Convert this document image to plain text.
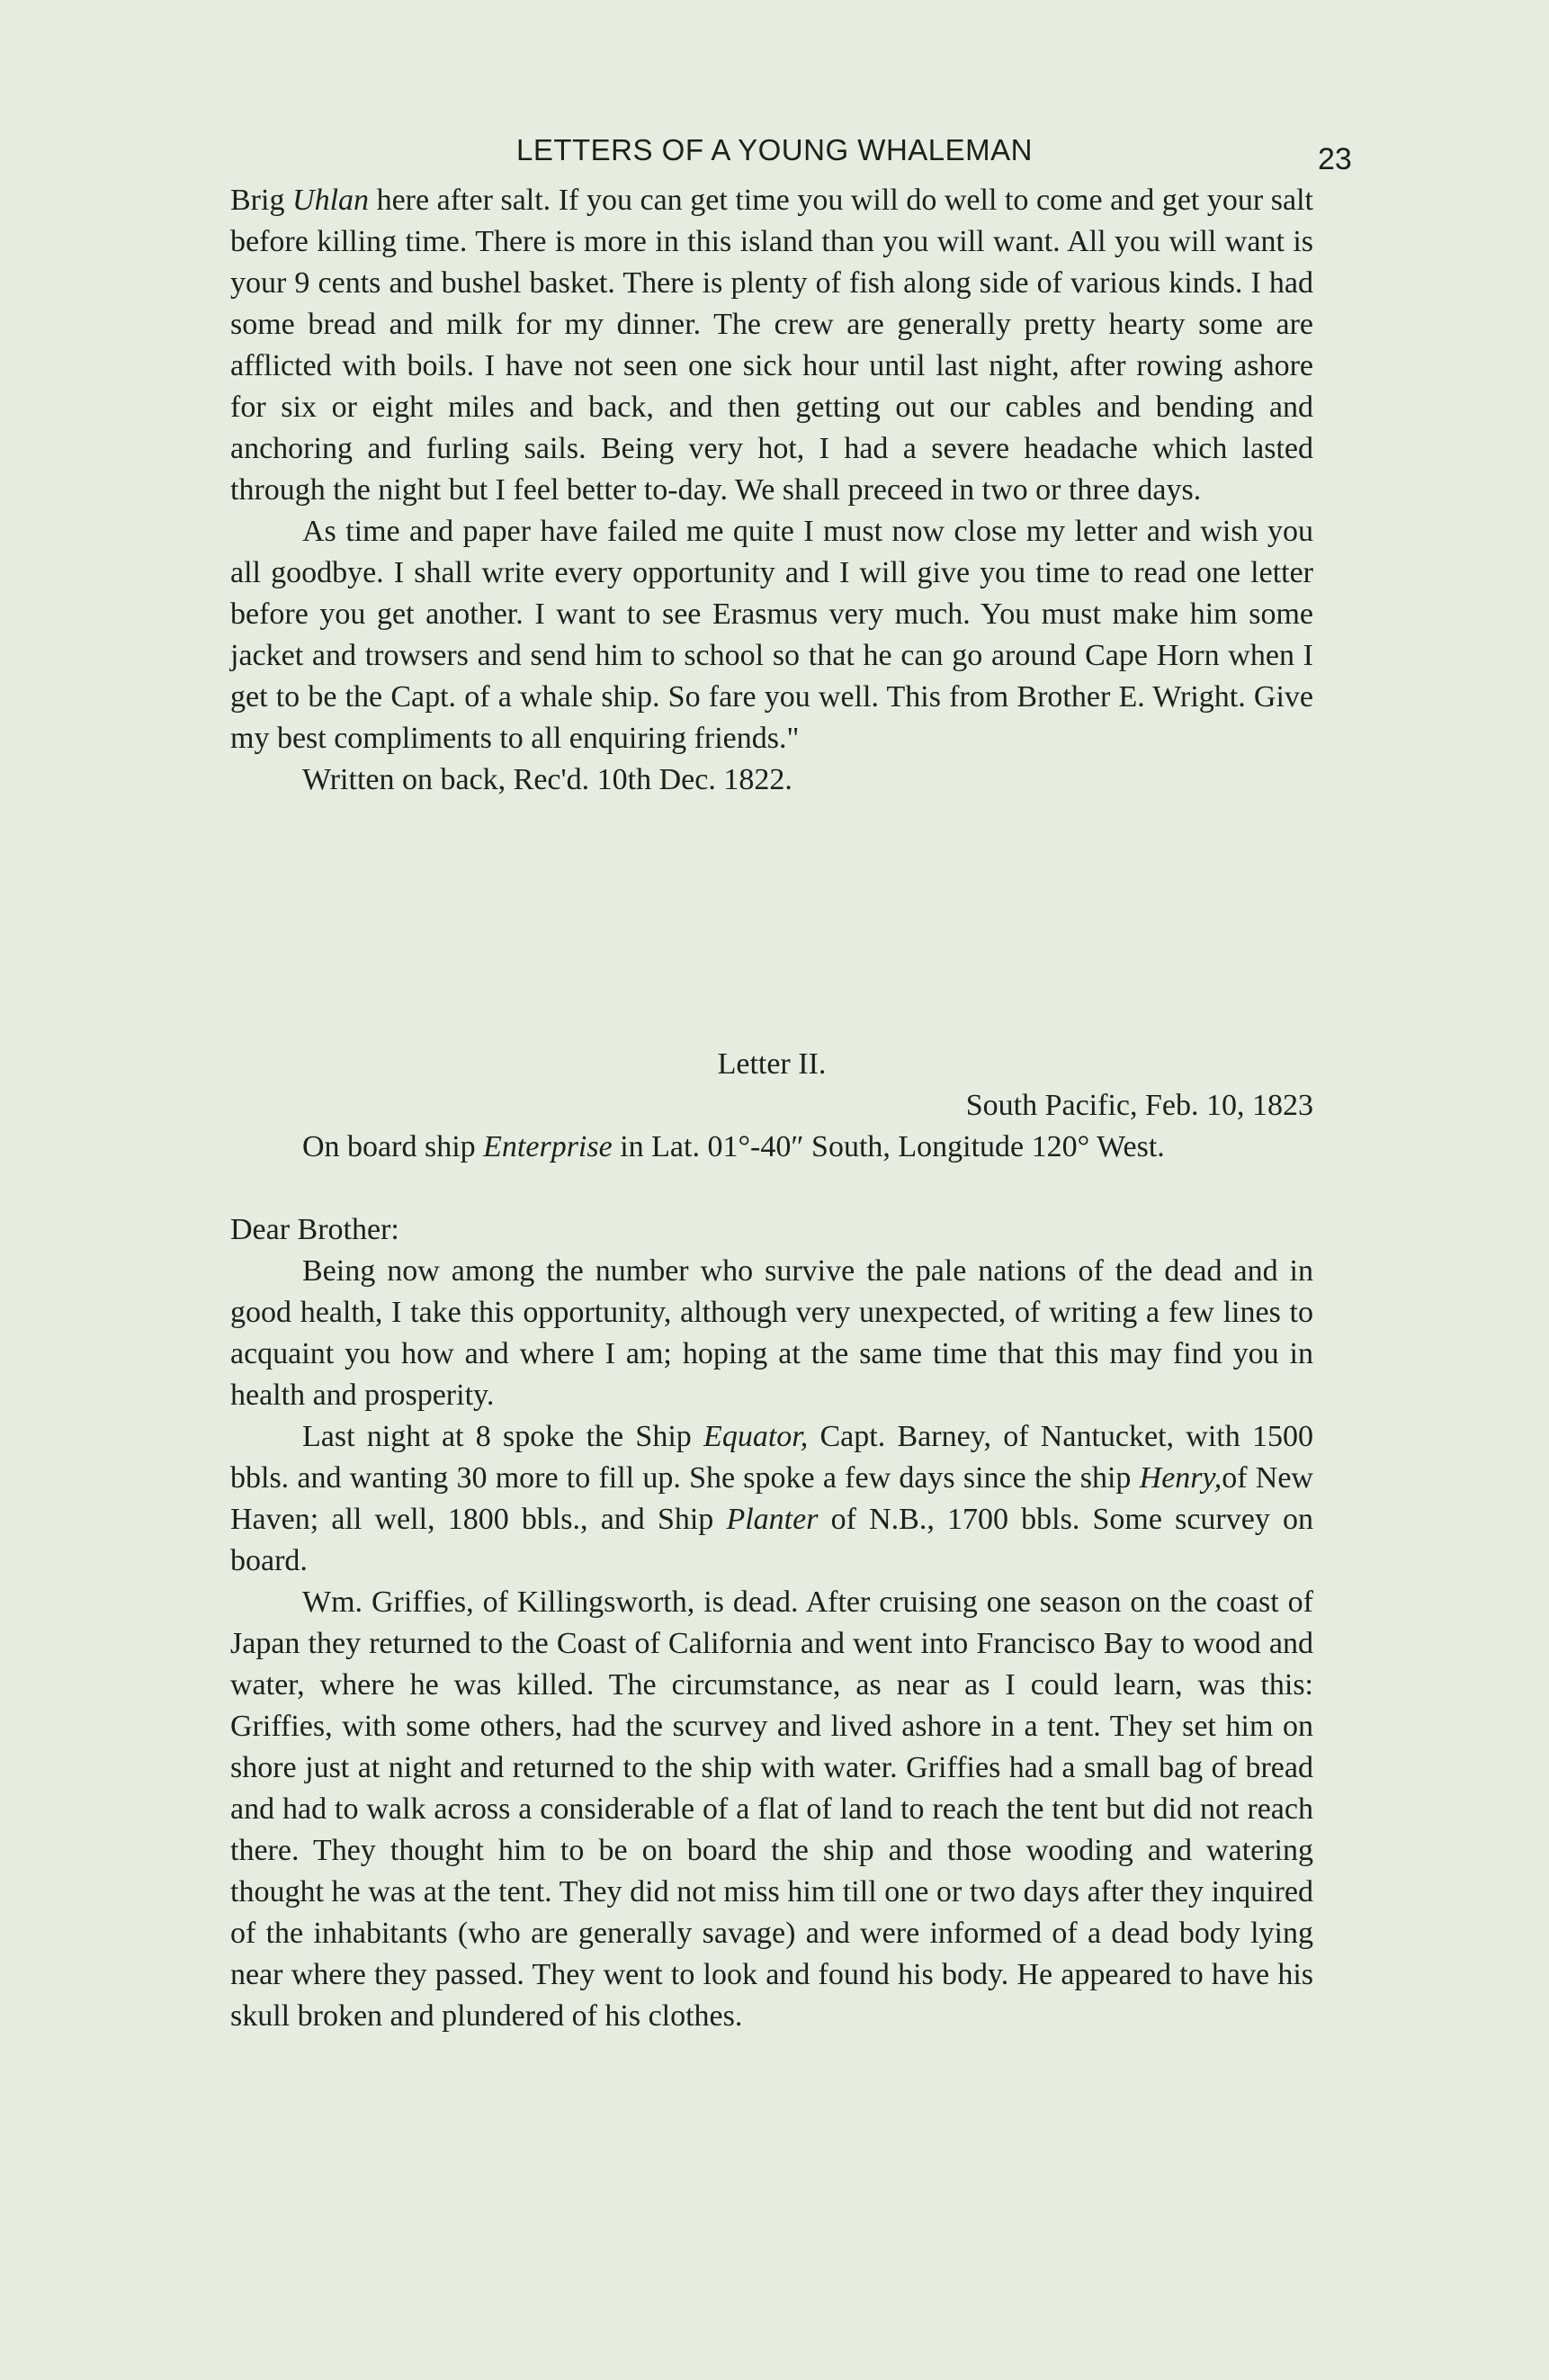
LETTERS OF A YOUNG WHALEMAN	23

Brig Uhlan here after salt. If you can get time you will do well to come and get your salt before killing time. There is more in this island than you will want. All you will want is your 9 cents and bushel basket. There is plenty of fish along side of various kinds. I had some bread and milk for my dinner. The crew are generally pretty hearty some are afflicted with boils. I have not seen one sick hour until last night, after rowing ashore for six or eight miles and back, and then getting out our cables and bending and anchoring and furling sails. Being very hot, I had a severe headache which lasted through the night but I feel better to-day. We shall preceed in two or three days.

As time and paper have failed me quite I must now close my letter and wish you all goodbye. I shall write every opportunity and I will give you time to read one letter before you get another. I want to see Erasmus very much. You must make him some jacket and trowsers and send him to school so that he can go around Cape Horn when I get to be the Capt. of a whale ship. So fare you well. This from Brother E. Wright. Give my best compliments to all enquiring friends."

Written on back, Rec'd. 10th Dec. 1822.

Letter II.

South Pacific, Feb. 10, 1823

On board ship Enterprise in Lat. 01°-40″ South, Longitude 120° West.

Dear Brother:

Being now among the number who survive the pale nations of the dead and in good health, I take this opportunity, although very unexpected, of writing a few lines to acquaint you how and where I am; hoping at the same time that this may find you in health and prosperity.

Last night at 8 spoke the Ship Equator, Capt. Barney, of Nantucket, with 1500 bbls. and wanting 30 more to fill up. She spoke a few days since the ship Henry,of New Haven; all well, 1800 bbls., and Ship Planter of N.B., 1700 bbls. Some scurvey on board.

Wm. Griffies, of Killingsworth, is dead. After cruising one season on the coast of Japan they returned to the Coast of California and went into Francisco Bay to wood and water, where he was killed. The circumstance, as near as I could learn, was this: Griffies, with some others, had the scurvey and lived ashore in a tent. They set him on shore just at night and returned to the ship with water. Griffies had a small bag of bread and had to walk across a considerable of a flat of land to reach the tent but did not reach there. They thought him to be on board the ship and those wooding and watering thought he was at the tent. They did not miss him till one or two days after they inquired of the inhabitants (who are generally savage) and were informed of a dead body lying near where they passed. They went to look and found his body. He appeared to have his skull broken and plundered of his clothes.
